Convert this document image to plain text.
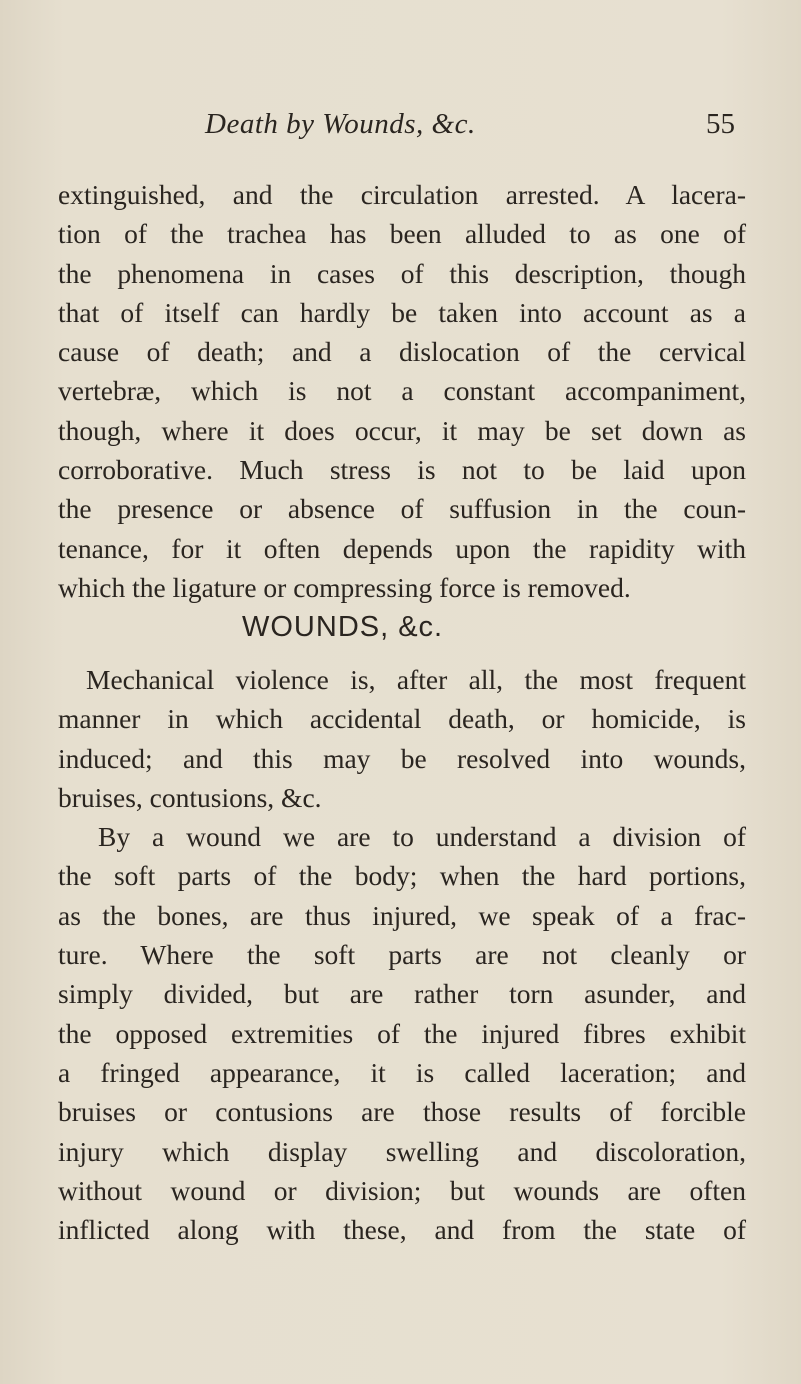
Death by Wounds, &c.	55
extinguished, and the circulation arrested. A lacera-
tion of the trachea has been alluded to as one of
the phenomena in cases of this description, though
that of itself can hardly be taken into account as a
cause of death; and a dislocation of the cervical
vertebræ, which is not a constant accompaniment,
though, where it does occur, it may be set down as
corroborative. Much stress is not to be laid upon
the presence or absence of suffusion in the coun-
tenance, for it often depends upon the rapidity with
which the ligature or compressing force is removed.
WOUNDS, &c.
Mechanical violence is, after all, the most frequent
manner in which accidental death, or homicide, is
induced; and this may be resolved into wounds,
bruises, contusions, &c.
By a wound we are to understand a division of
the soft parts of the body; when the hard portions,
as the bones, are thus injured, we speak of a frac-
ture. Where the soft parts are not cleanly or
simply divided, but are rather torn asunder, and
the opposed extremities of the injured fibres exhibit
a fringed appearance, it is called laceration; and
bruises or contusions are those results of forcible
injury which display swelling and discoloration,
without wound or division; but wounds are often
inflicted along with these, and from the state of
